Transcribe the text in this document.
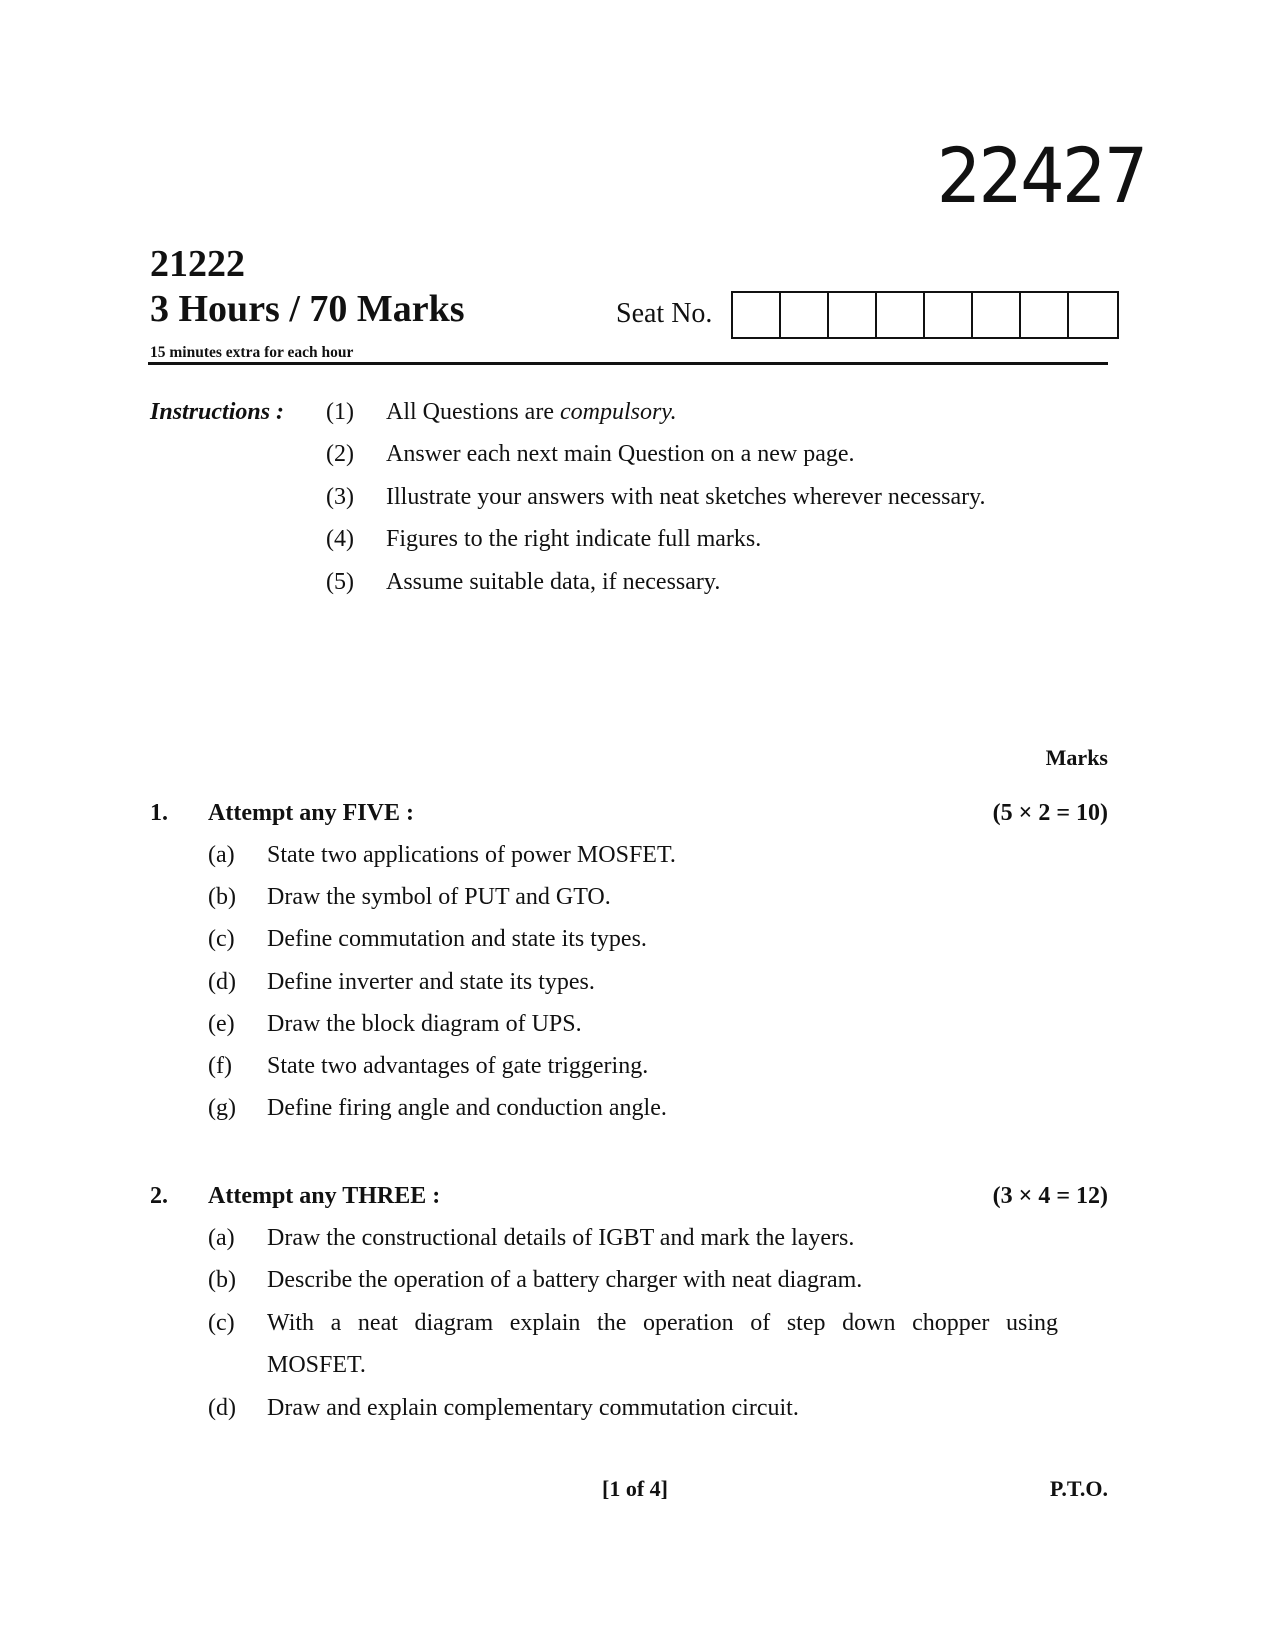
22427
21222
3 Hours / 70 Marks
15 minutes extra for each hour
Seat No.
Instructions : (1)	All Questions are compulsory.
(2)	Answer each next main Question on a new page.
(3)	Illustrate your answers with neat sketches wherever necessary.
(4)	Figures to the right indicate full marks.
(5)	Assume suitable data, if necessary.
Marks
1. Attempt any FIVE :	(5 × 2 = 10)
(a)	State two applications of power MOSFET.
(b)	Draw the symbol of PUT and GTO.
(c)	Define commutation and state its types.
(d)	Define inverter and state its types.
(e)	Draw the block diagram of UPS.
(f)	State two advantages of gate triggering.
(g)	Define firing angle and conduction angle.
2. Attempt any THREE :	(3 × 4 = 12)
(a)	Draw the constructional details of IGBT and mark the layers.
(b)	Describe the operation of a battery charger with neat diagram.
(c)	With a neat diagram explain the operation of step down chopper using
MOSFET.
(d)	Draw and explain complementary commutation circuit.
[1 of 4]	P.T.O.
